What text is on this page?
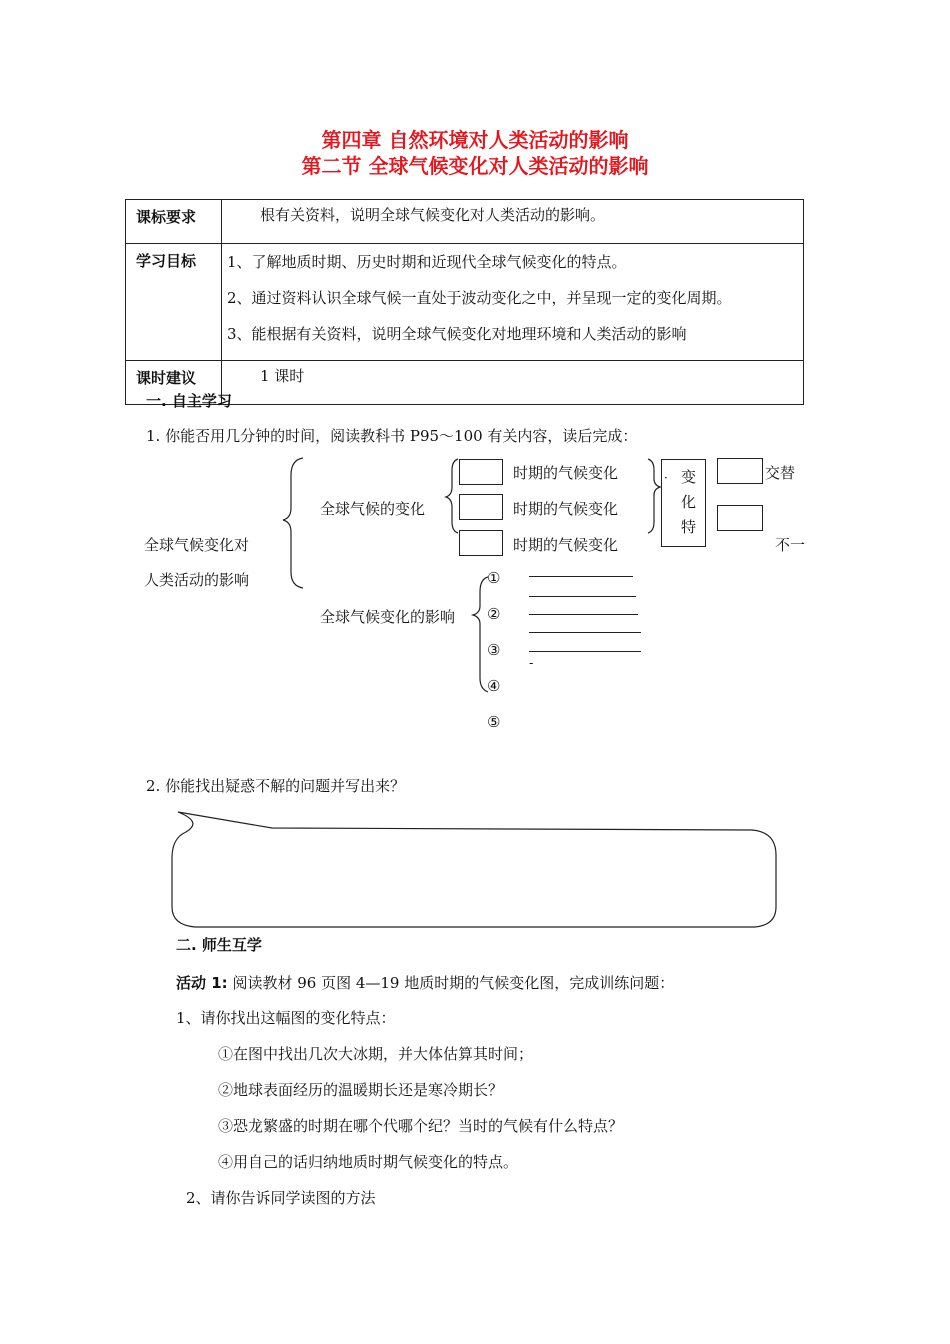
第四章 自然环境对人类活动的影响
第二节 全球气候变化对人类活动的影响
课标要求	根有关资料，说明全球气候变化对人类活动的影响。
学习目标	1、了解地质时期、历史时期和近现代全球气候变化的特点。

2、通过资料认识全球气候一直处于波动变化之中，并呈现一定的变化周期。

3、能根据有关资料，说明全球气候变化对地理环境和人类活动的影响

课时建议	1 课时
一. 自主学习
1. 你能否用几分钟的时间，阅读教科书 P95～100 有关内容，读后完成：
全球气候变化对
人类活动的影响
全球气候的变化
时期的气候变化
时期的气候变化
时期的气候变化
· 变
化
特
交替
不一
全球气候变化的影响
①
②
③
④
⑤
-
2. 你能找出疑惑不解的问题并写出来？
二. 师生互学
活动 1: 阅读教材 96 页图 4—19 地质时期的气候变化图，完成训练问题：
1、请你找出这幅图的变化特点：
①在图中找出几次大冰期，并大体估算其时间；
②地球表面经历的温暖期长还是寒冷期长？
③恐龙繁盛的时期在哪个代哪个纪？当时的气候有什么特点？
④用自己的话归纳地质时期气候变化的特点。
2、请你告诉同学读图的方法
